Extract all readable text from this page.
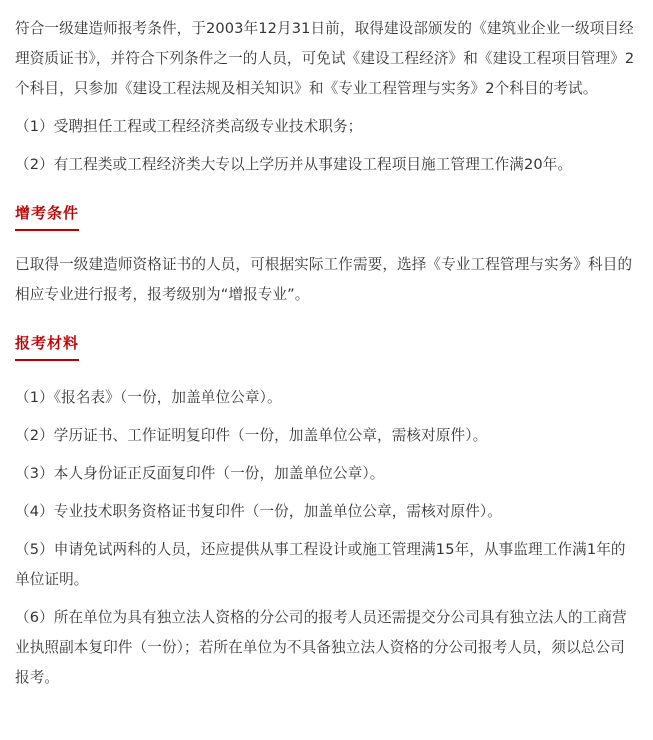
符合一级建造师报考条件，于2003年12月31日前，取得建设部颁发的《建筑业企业一级项目经理资质证书》，并符合下列条件之一的人员，可免试《建设工程经济》和《建设工程项目管理》2个科目，只参加《建设工程法规及相关知识》和《专业工程管理与实务》2个科目的考试。

（1）受聘担任工程或工程经济类高级专业技术职务；

（2）有工程类或工程经济类大专以上学历并从事建设工程项目施工管理工作满20年。

增考条件

已取得一级建造师资格证书的人员，可根据实际工作需要，选择《专业工程管理与实务》科目的相应专业进行报考，报考级别为“增报专业”。

报考材料

（1）《报名表》（一份，加盖单位公章）。

（2）学历证书、工作证明复印件（一份，加盖单位公章，需核对原件）。

（3）本人身份证正反面复印件（一份，加盖单位公章）。

（4）专业技术职务资格证书复印件（一份，加盖单位公章，需核对原件）。

（5）申请免试两科的人员，还应提供从事工程设计或施工管理满15年，从事监理工作满1年的单位证明。

（6）所在单位为具有独立法人资格的分公司的报考人员还需提交分公司具有独立法人的工商营业执照副本复印件（一份）；若所在单位为不具备独立法人资格的分公司报考人员，须以总公司报考。
